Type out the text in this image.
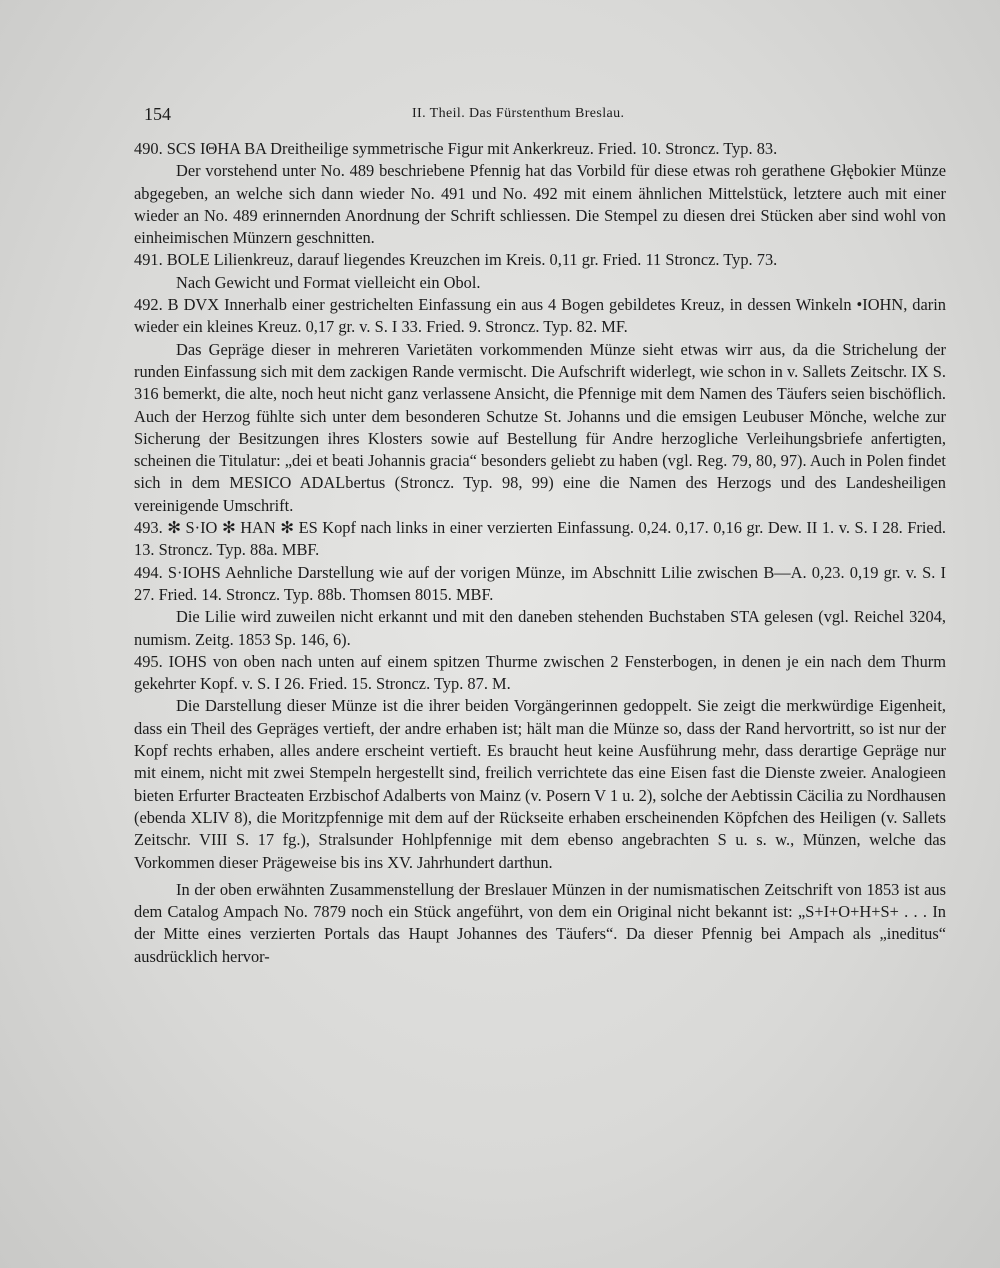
154	II. Theil. Das Fürstenthum Breslau.

490. SCS IΘHA BA Dreitheilige symmetrische Figur mit Ankerkreuz. Fried. 10. Stroncz. Typ. 83.

Der vorstehend unter No. 489 beschriebene Pfennig hat das Vorbild für diese etwas roh gerathene Głębokier Münze abgegeben, an welche sich dann wieder No. 491 und No. 492 mit einem ähnlichen Mittelstück, letztere auch mit einer wieder an No. 489 erinnernden Anordnung der Schrift schliessen. Die Stempel zu diesen drei Stücken aber sind wohl von einheimischen Münzern geschnitten.

491. BOLE Lilienkreuz, darauf liegendes Kreuzchen im Kreis. 0,11 gr. Fried. 11 Stroncz. Typ. 73.

Nach Gewicht und Format vielleicht ein Obol.

492. B DVX Innerhalb einer gestrichelten Einfassung ein aus 4 Bogen gebildetes Kreuz, in dessen Winkeln •IOHN, darin wieder ein kleines Kreuz. 0,17 gr. v. S. I 33. Fried. 9. Stroncz. Typ. 82. MF.

Das Gepräge dieser in mehreren Varietäten vorkommenden Münze sieht etwas wirr aus, da die Strichelung der runden Einfassung sich mit dem zackigen Rande vermischt. Die Aufschrift widerlegt, wie schon in v. Sallets Zeitschr. IX S. 316 bemerkt, die alte, noch heut nicht ganz verlassene Ansicht, die Pfennige mit dem Namen des Täufers seien bischöflich. Auch der Herzog fühlte sich unter dem besonderen Schutze St. Johanns und die emsigen Leubuser Mönche, welche zur Sicherung der Besitzungen ihres Klosters sowie auf Bestellung für Andre herzogliche Verleihungsbriefe anfertigten, scheinen die Titulatur: „dei et beati Johannis gracia“ besonders geliebt zu haben (vgl. Reg. 79, 80, 97). Auch in Polen findet sich in dem MESICO ADALbertus (Stroncz. Typ. 98, 99) eine die Namen des Herzogs und des Landesheiligen vereinigende Umschrift.

493. ✻ S·IO ✻ HAN ✻ ES Kopf nach links in einer verzierten Einfassung. 0,24. 0,17. 0,16 gr. Dew. II 1. v. S. I 28. Fried. 13. Stroncz. Typ. 88a. MBF.

494. S·IOHS Aehnliche Darstellung wie auf der vorigen Münze, im Abschnitt Lilie zwischen B—A. 0,23. 0,19 gr. v. S. I 27. Fried. 14. Stroncz. Typ. 88b. Thomsen 8015. MBF.

Die Lilie wird zuweilen nicht erkannt und mit den daneben stehenden Buchstaben STA gelesen (vgl. Reichel 3204, numism. Zeitg. 1853 Sp. 146, 6).

495. IOHS von oben nach unten auf einem spitzen Thurme zwischen 2 Fensterbogen, in denen je ein nach dem Thurm gekehrter Kopf. v. S. I 26. Fried. 15. Stroncz. Typ. 87. M.

Die Darstellung dieser Münze ist die ihrer beiden Vorgängerinnen gedoppelt. Sie zeigt die merkwürdige Eigenheit, dass ein Theil des Gepräges vertieft, der andre erhaben ist; hält man die Münze so, dass der Rand hervortritt, so ist nur der Kopf rechts erhaben, alles andere erscheint vertieft. Es braucht heut keine Ausführung mehr, dass derartige Gepräge nur mit einem, nicht mit zwei Stempeln hergestellt sind, freilich verrichtete das eine Eisen fast die Dienste zweier. Analogieen bieten Erfurter Bracteaten Erzbischof Adalberts von Mainz (v. Posern V 1 u. 2), solche der Aebtissin Cäcilia zu Nordhausen (ebenda XLIV 8), die Moritzpfennige mit dem auf der Rückseite erhaben erscheinenden Köpfchen des Heiligen (v. Sallets Zeitschr. VIII S. 17 fg.), Stralsunder Hohlpfennige mit dem ebenso angebrachten S u. s. w., Münzen, welche das Vorkommen dieser Prägeweise bis ins XV. Jahrhundert darthun.

In der oben erwähnten Zusammenstellung der Breslauer Münzen in der numismatischen Zeitschrift von 1853 ist aus dem Catalog Ampach No. 7879 noch ein Stück angeführt, von dem ein Original nicht bekannt ist: „S+I+O+H+S+ . . . In der Mitte eines verzierten Portals das Haupt Johannes des Täufers“. Da dieser Pfennig bei Ampach als „ineditus“ ausdrücklich hervor-
